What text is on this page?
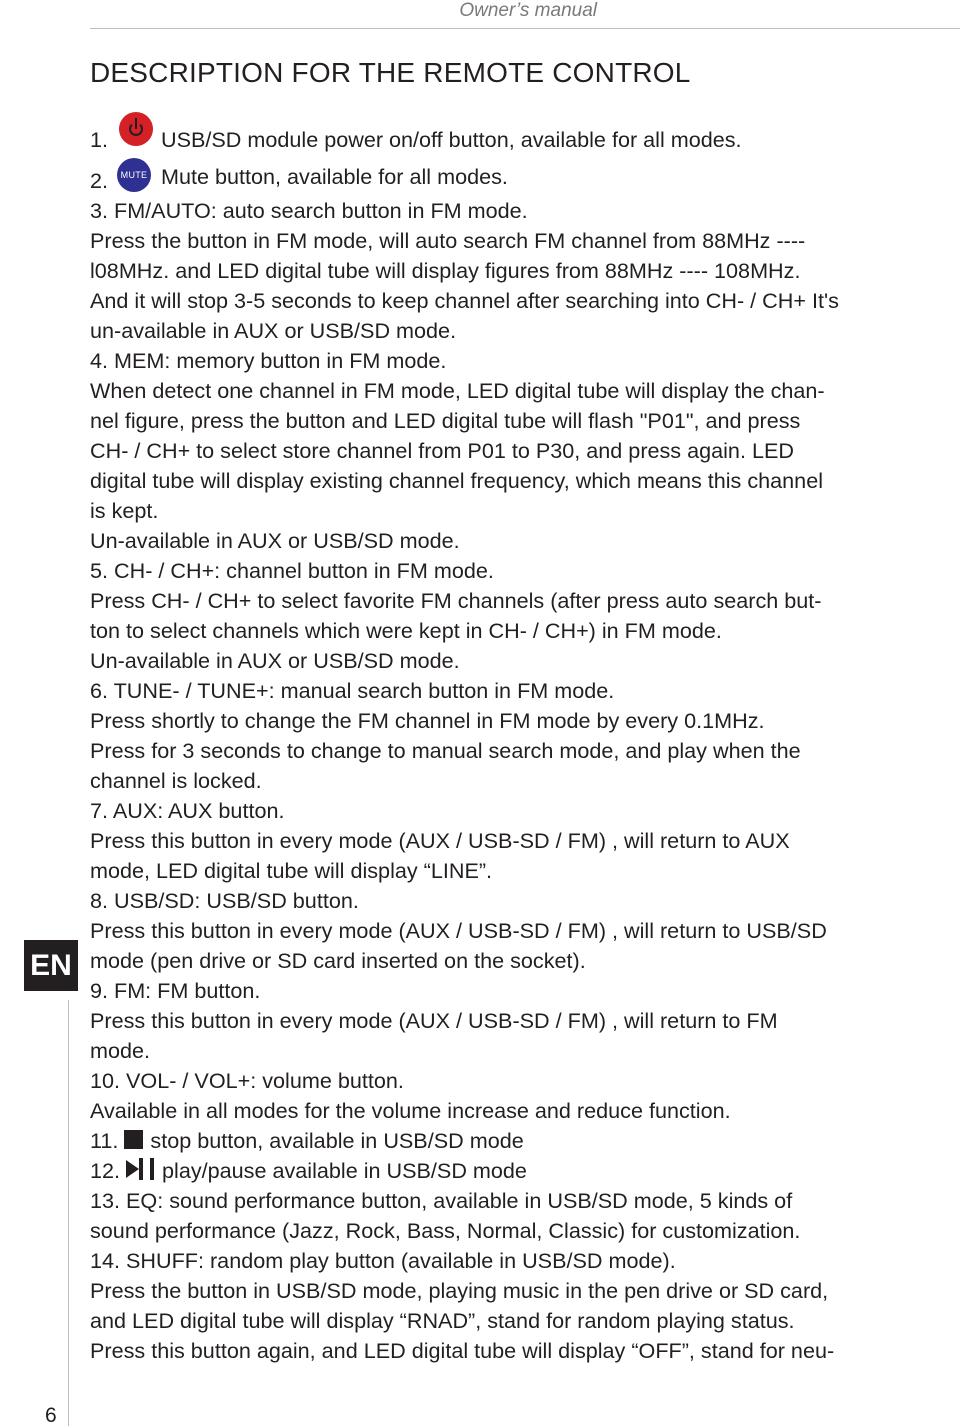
Owner’s manual
DESCRIPTION FOR THE REMOTE CONTROL
1. USB/SD module power on/off button, available for all modes.
2.	MUTE Mute button, available for all modes.
3. FM/AUTO: auto search button in FM mode.
Press the button in FM mode, will auto search FM channel from 88MHz ----
l08MHz. and LED digital tube will display figures from 88MHz ---- 108MHz.
And it will stop 3-5 seconds to keep channel after searching into CH- / CH+ It's
un-available in AUX or USB/SD mode.
4. MEM: memory button in FM mode.
When detect one channel in FM mode, LED digital tube will display the chan-
nel figure, press the button and LED digital tube will flash "P01", and press
CH- / CH+ to select store channel from P01 to P30, and press again. LED
digital tube will display existing channel frequency, which means this channel
is kept.
Un-available in AUX or USB/SD mode.
5. CH- / CH+: channel button in FM mode.
Press CH- / CH+ to select favorite FM channels (after press auto search but-
ton to select channels which were kept in CH- / CH+) in FM mode.
Un-available in AUX or USB/SD mode.
6. TUNE- / TUNE+: manual search button in FM mode.
Press shortly to change the FM channel in FM mode by every 0.1MHz.
Press for 3 seconds to change to manual search mode, and play when the
channel is locked.
7. AUX: AUX button.
Press this button in every mode (AUX / USB-SD / FM) , will return to AUX
mode, LED digital tube will display “LINE”.
8. USB/SD: USB/SD button.
Press this button in every mode (AUX / USB-SD / FM) , will return to USB/SD
mode (pen drive or SD card inserted on the socket).
9. FM: FM button.
Press this button in every mode (AUX / USB-SD / FM) , will return to FM
mode.
10. VOL- / VOL+: volume button.
Available in all modes for the volume increase and reduce function.
11. stop button, available in USB/SD mode
12. play/pause available in USB/SD mode
13. EQ: sound performance button, available in USB/SD mode, 5 kinds of
sound performance (Jazz, Rock, Bass, Normal, Classic) for customization.
14. SHUFF: random play button (available in USB/SD mode).
Press the button in USB/SD mode, playing music in the pen drive or SD card,
and LED digital tube will display “RNAD”, stand for random playing status.
Press this button again, and LED digital tube will display “OFF”, stand for neu-
EN
6
